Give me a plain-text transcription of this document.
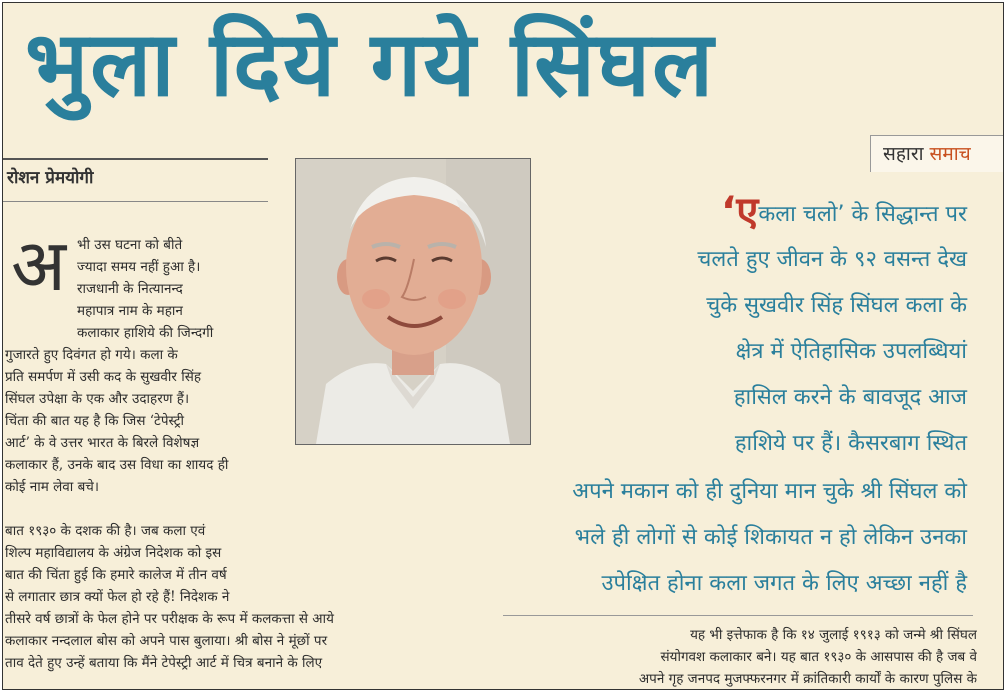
भुला दिये गये सिंघल
सहारा समाच
रोशन प्रेमयोगी
अ भी उस घटना को बीते
ज्यादा समय नहीं हुआ है।
राजधानी के नित्यानन्द
महापात्र नाम के महान
कलाकार हाशिये की जिन्दगी
गुजारते हुए दिवंगत हो गये। कला के
प्रति समर्पण में उसी कद के सुखवीर सिंह
सिंघल उपेक्षा के एक और उदाहरण हैं।
चिंता की बात यह है कि जिस ‘टेपेस्ट्री
आर्ट’ के वे उत्तर भारत के बिरले विशेषज्ञ
कलाकार हैं, उनके बाद उस विधा का शायद ही
कोई नाम लेवा बचे।
बात १९३० के दशक की है। जब कला एवं
शिल्प महाविद्यालय के अंग्रेज निदेशक को इस
बात की चिंता हुई कि हमारे कालेज में तीन वर्ष
से लगातार छात्र क्यों फेल हो रहे हैं! निदेशक ने
तीसरे वर्ष छात्रों के फेल होने पर परीक्षक के रूप में कलकत्ता से आये
कलाकार नन्दलाल बोस को अपने पास बुलाया। श्री बोस ने मूंछों पर
ताव देते हुए उन्हें बताया कि मैंने टेपेस्ट्री आर्ट में चित्र बनाने के लिए
‘एकला चलो’ के सिद्धान्त पर
चलते हुए जीवन के ९२ वसन्त देख
चुके सुखवीर सिंह सिंघल कला के
क्षेत्र में ऐतिहासिक उपलब्धियां
हासिल करने के बावजूद आज
हाशिये पर हैं। कैसरबाग स्थित
अपने मकान को ही दुनिया मान चुके श्री सिंघल को
भले ही लोगों से कोई शिकायत न हो लेकिन उनका
उपेक्षित होना कला जगत के लिए अच्छा नहीं है
यह भी इत्तेफाक है कि १४ जुलाई १९१३ को जन्मे श्री सिंघल
संयोगवश कलाकार बने। यह बात १९३० के आसपास की है जब वे
अपने गृह जनपद मुजफ्फरनगर में क्रांतिकारी कार्यों के कारण पुलिस के
